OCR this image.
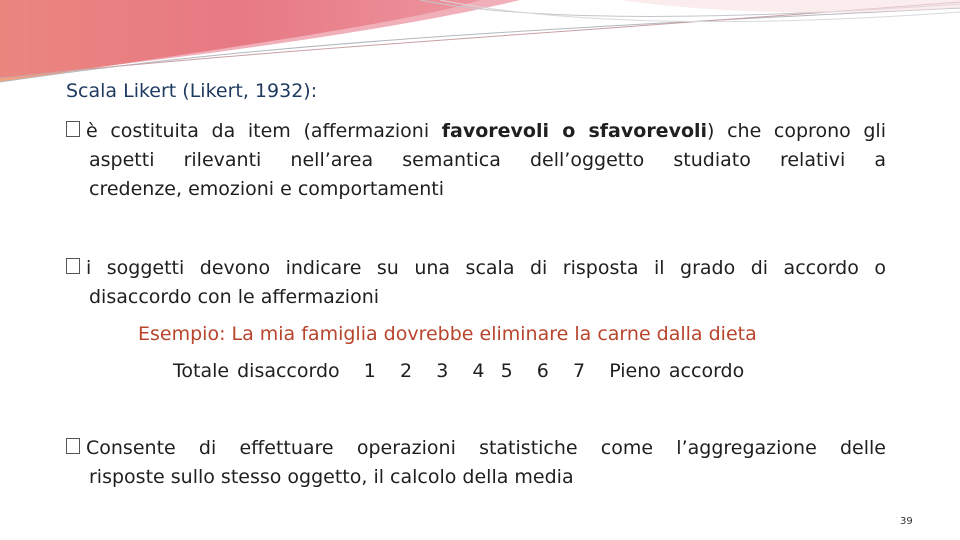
Scala Likert (Likert, 1932):
è costituita da item (affermazioni favorevoli o sfavorevoli) che coprono gli
aspetti rilevanti nell’area semantica dell’oggetto studiato relativi a
credenze, emozioni e comportamenti
i soggetti devono indicare su una scala di risposta il grado di accordo o
disaccordo con le affermazioni
Esempio: La mia famiglia dovrebbe eliminare la carne dalla dieta
Totale disaccordo   1   2   3   4  5   6   7   Pieno accordo
Consente di effettuare operazioni statistiche come l’aggregazione delle
risposte sullo stesso oggetto, il calcolo della media
39
